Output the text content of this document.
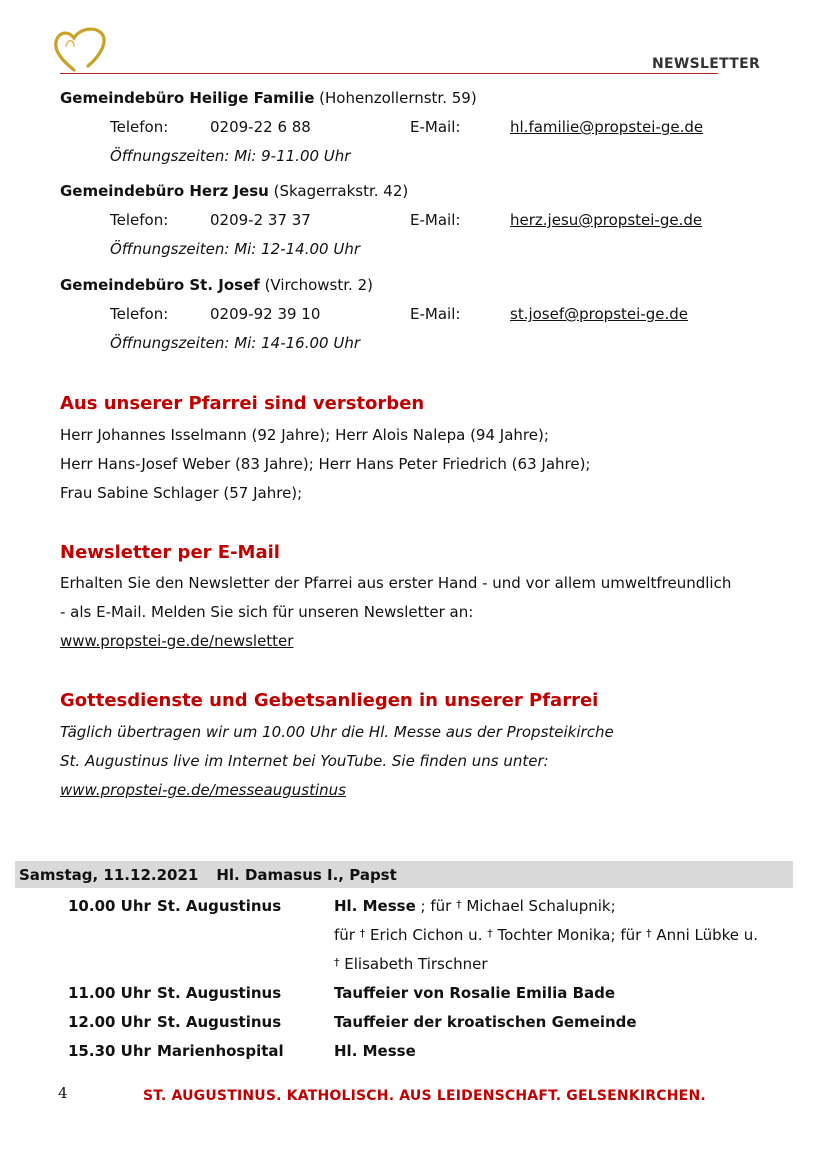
NEWSLETTER
Gemeindebüro Heilige Familie (Hohenzollernstr. 59)
Telefon:	0209-22 6 88	E-Mail:	hl.familie@propstei-ge.de
Öffnungszeiten: Mi: 9-11.00 Uhr
Gemeindebüro Herz Jesu (Skagerrakstr. 42)
Telefon:	0209-2 37 37	E-Mail:	herz.jesu@propstei-ge.de
Öffnungszeiten: Mi: 12-14.00 Uhr
Gemeindebüro St. Josef (Virchowstr. 2)
Telefon:	0209-92 39 10	E-Mail:	st.josef@propstei-ge.de
Öffnungszeiten: Mi: 14-16.00 Uhr
Aus unserer Pfarrei sind verstorben
Herr Johannes Isselmann (92 Jahre); Herr Alois Nalepa (94 Jahre);
Herr Hans-Josef Weber (83 Jahre); Herr Hans Peter Friedrich (63 Jahre);
Frau Sabine Schlager (57 Jahre);
Newsletter per E-Mail
Erhalten Sie den Newsletter der Pfarrei aus erster Hand - und vor allem umweltfreundlich
- als E-Mail. Melden Sie sich für unseren Newsletter an:
www.propstei-ge.de/newsletter
Gottesdienste und Gebetsanliegen in unserer Pfarrei
Täglich übertragen wir um 10.00 Uhr die Hl. Messe aus der Propsteikirche
St. Augustinus live im Internet bei YouTube. Sie finden uns unter:
www.propstei-ge.de/messeaugustinus
Samstag, 11.12.2021 Hl. Damasus I., Papst
10.00 Uhr St. Augustinus	Hl. Messe ; für † Michael Schalupnik;
für † Erich Cichon u. † Tochter Monika; für † Anni Lübke u.
† Elisabeth Tirschner
11.00 Uhr St. Augustinus	Tauffeier von Rosalie Emilia Bade
12.00 Uhr St. Augustinus	Tauffeier der kroatischen Gemeinde
15.30 Uhr Marienhospital	Hl. Messe
4	ST. AUGUSTINUS. KATHOLISCH. AUS LEIDENSCHAFT. GELSENKIRCHEN.
